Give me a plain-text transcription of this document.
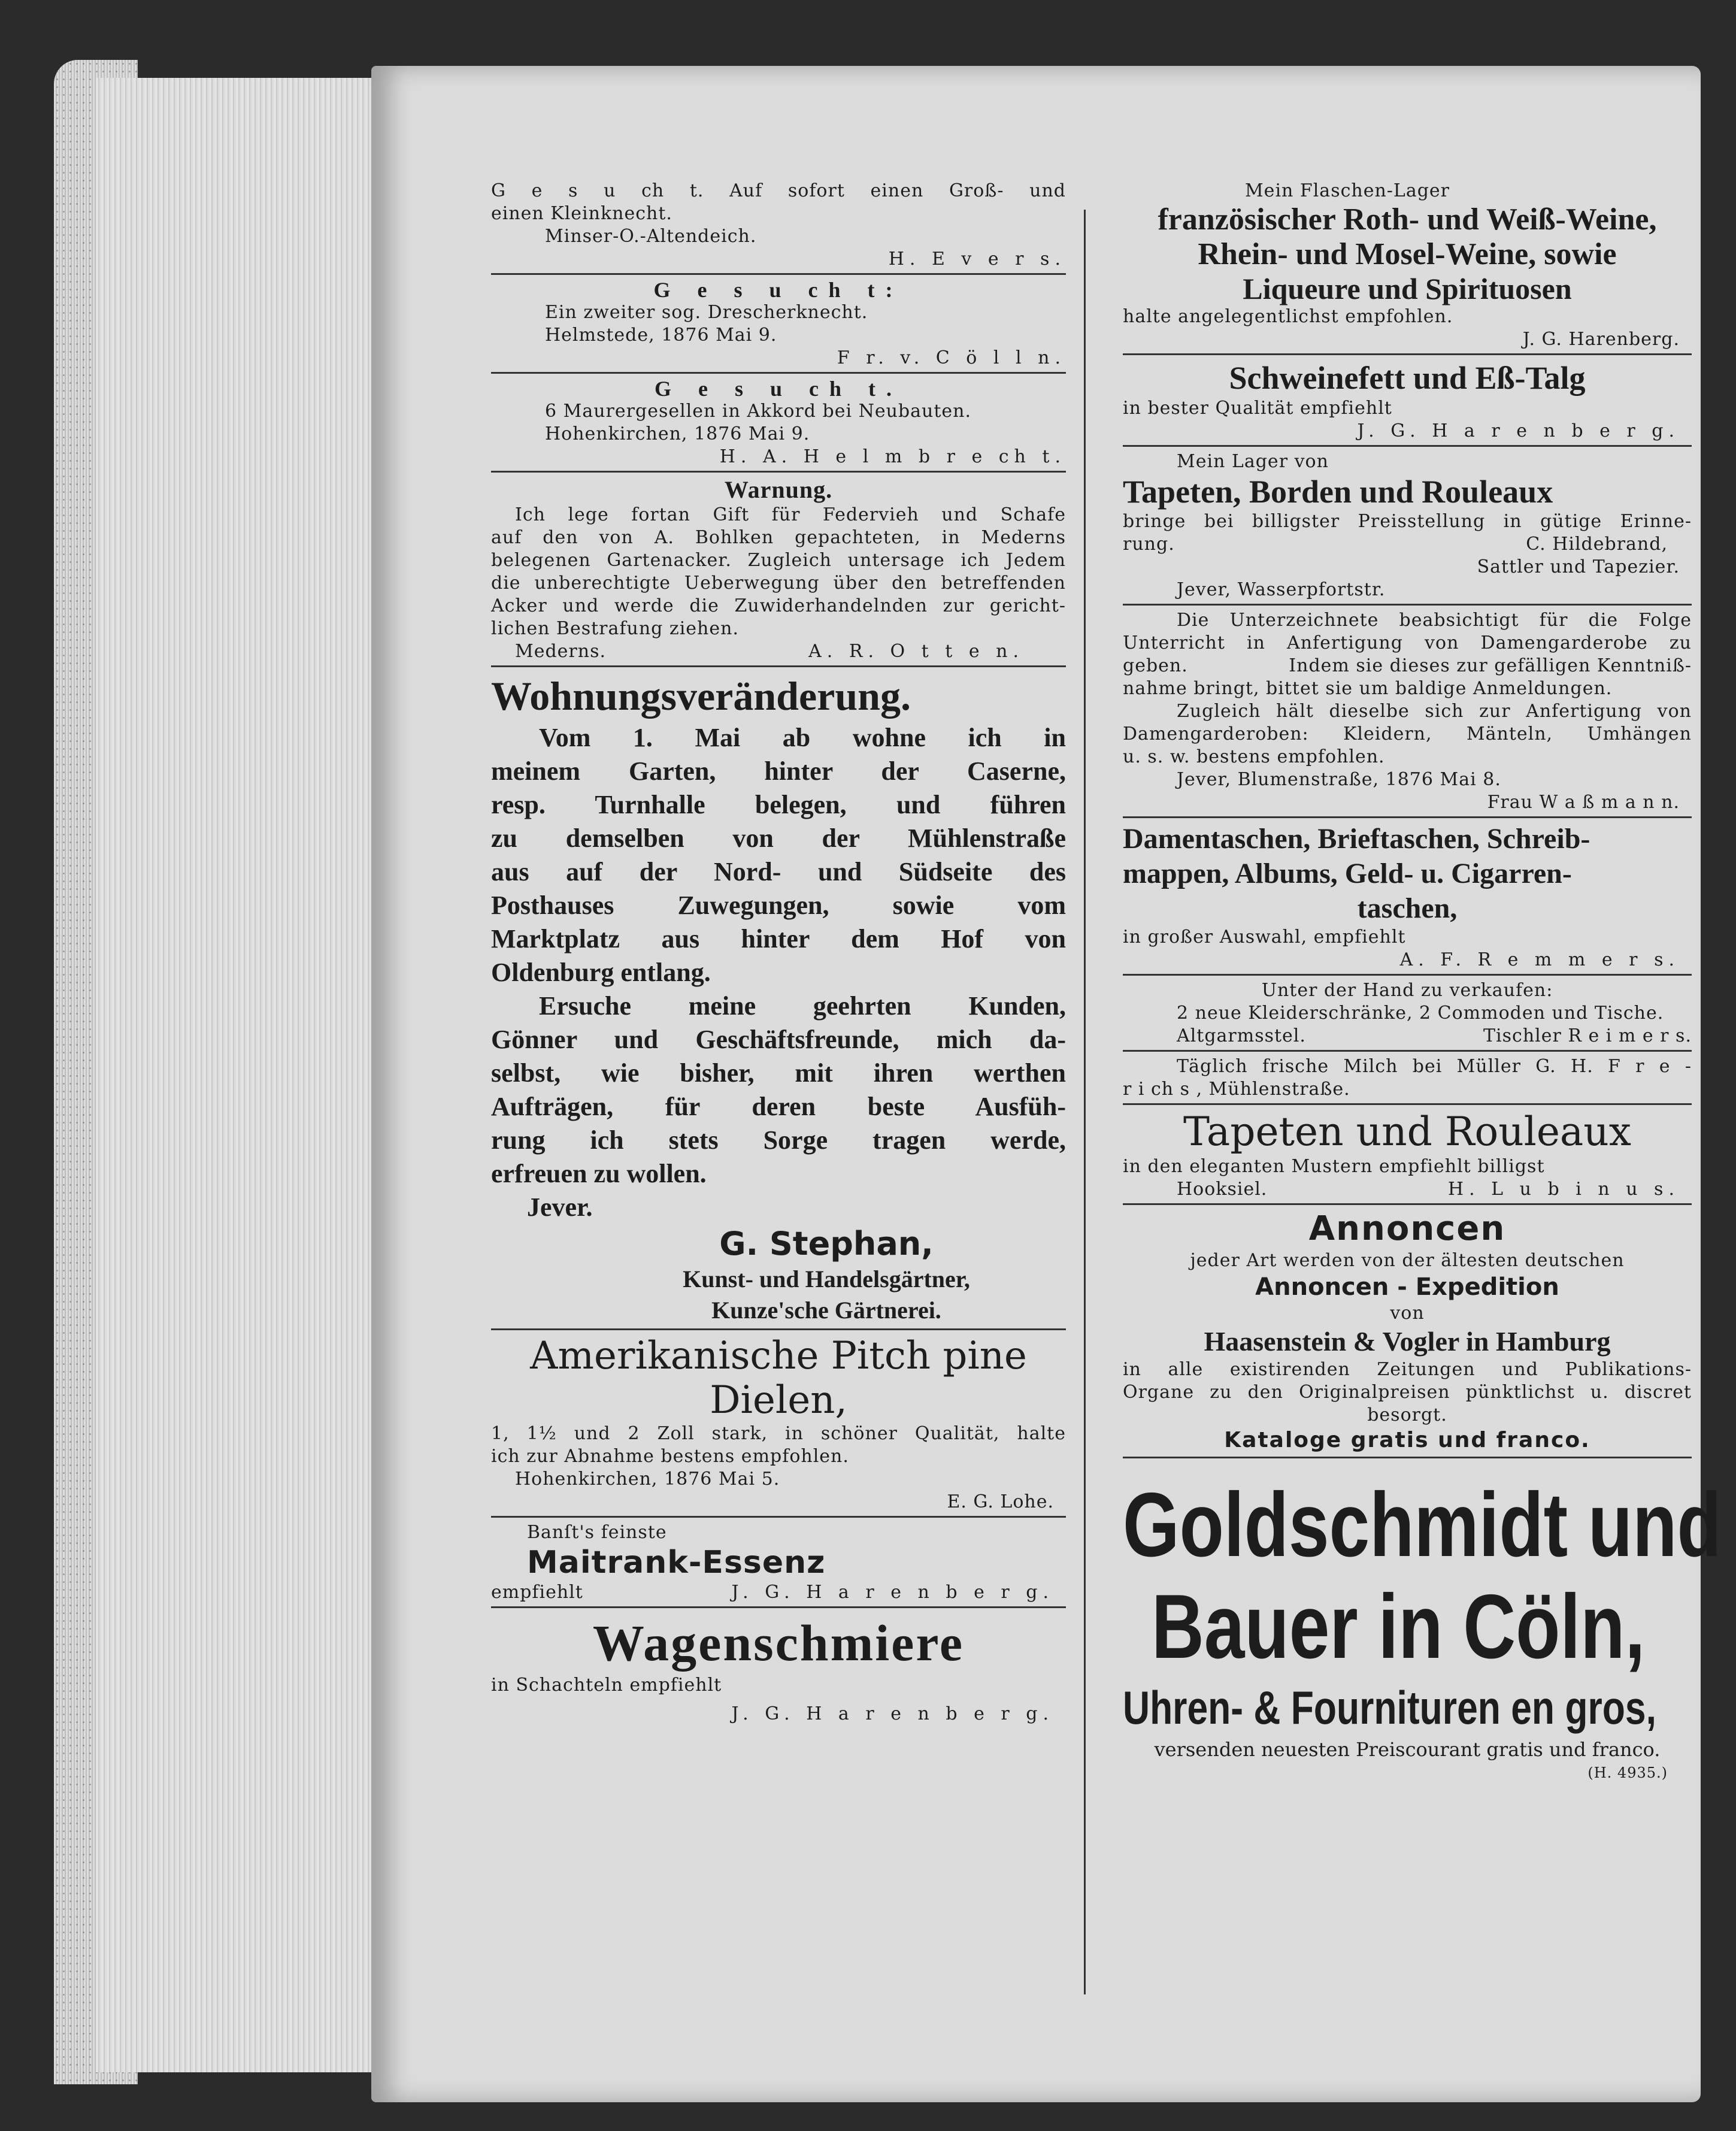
G e s u ch t. Auf sofort einen Groß- und
einen Kleinknecht.
Minser-O.-Altendeich.
H. E v e r s.
G e s u ch t:
Ein zweiter sog. Drescherknecht.
Helmstede, 1876 Mai 9.
F r. v. C ö l l n.
G e s u ch t.
6 Maurergesellen in Akkord bei Neubauten.
Hohenkirchen, 1876 Mai 9.
H. A. H e l m b r e ch t.
Warnung.
Ich lege fortan Gift für Federvieh und Schafe
auf den von A. Bohlken gepachteten, in Mederns
belegenen Gartenacker. Zugleich untersage ich Jedem
die unberechtigte Ueberwegung über den betreffenden
Acker und werde die Zuwiderhandelnden zur gericht-
lichen Bestrafung ziehen.
Mederns.	A. R. O t t e n.
Wohnungsveränderung.
Vom 1. Mai ab wohne ich in
meinem Garten, hinter der Caserne,
resp. Turnhalle belegen, und führen
zu demselben von der Mühlenstraße
aus auf der Nord- und Südseite des
Posthauses Zuwegungen, sowie vom
Marktplatz aus hinter dem Hof von
Oldenburg entlang.
Ersuche meine geehrten Kunden,
Gönner und Geschäftsfreunde, mich da-
selbst, wie bisher, mit ihren werthen
Aufträgen, für deren beste Ausfüh-
rung ich stets Sorge tragen werde,
erfreuen zu wollen.
Jever.
G. Stephan,
Kunst- und Handelsgärtner,
Kunze'sche Gärtnerei.
Amerikanische Pitch pine
Dielen,
1, 1½ und 2 Zoll stark, in schöner Qualität, halte
ich zur Abnahme bestens empfohlen.
Hohenkirchen, 1876 Mai 5.
E. G. Lohe.
Banſt's feinste
Maitrank-Essenz
empfiehlt	J. G. H a r e n b e r g.
Wagenschmiere
in Schachteln empfiehlt
J. G. H a r e n b e r g.
Mein Flaschen-Lager
französischer Roth- und Weiß-Weine,
Rhein- und Mosel-Weine, sowie
Liqueure und Spirituosen
halte angelegentlichst empfohlen.
J. G. Harenberg.
Schweinefett und Eß-Talg
in bester Qualität empfiehlt
J. G. H a r e n b e r g.
Mein Lager von
Tapeten, Borden und Rouleaux
bringe bei billigster Preisstellung in gütige Erinne-
rung.	C. Hildebrand,
Sattler und Tapezier.
Jever, Wasserpfortstr.
Die Unterzeichnete beabsichtigt für die Folge
Unterricht in Anfertigung von Damengarderobe zu
geben.	Indem sie dieses zur gefälligen Kenntniß-
nahme bringt, bittet sie um baldige Anmeldungen.
Zugleich hält dieselbe sich zur Anfertigung von
Damengarderoben: Kleidern, Mänteln, Umhängen
u. s. w. bestens empfohlen.
Jever, Blumenstraße, 1876 Mai 8.
Frau W a ß m a n n.
Damentaschen, Brieftaschen, Schreib-
mappen, Albums, Geld- u. Cigarren-
taschen,
in großer Auswahl, empfiehlt
A. F. R e m m e r s.
Unter der Hand zu verkaufen:
2 neue Kleiderschränke, 2 Commoden und Tische.
Altgarmsstel.	Tischler R e i m e r s.
Täglich frische Milch bei Müller G. H. F r e -
r i ch s , Mühlenstraße.
Tapeten und Rouleaux
in den eleganten Mustern empfiehlt billigst
Hooksiel.	H. L u b i n u s.
Annoncen
jeder Art werden von der ältesten deutschen
Annoncen - Expedition
von
Haasenstein & Vogler in Hamburg
in alle existirenden Zeitungen und Publikations-
Organe zu den Originalpreisen pünktlichst u. discret
besorgt.
Kataloge gratis und franco.
Goldschmidt und Bauer in Cöln, Uhren- & Fournituren en gros,
versenden neuesten Preiscourant gratis und franco.
(H. 4935.)
